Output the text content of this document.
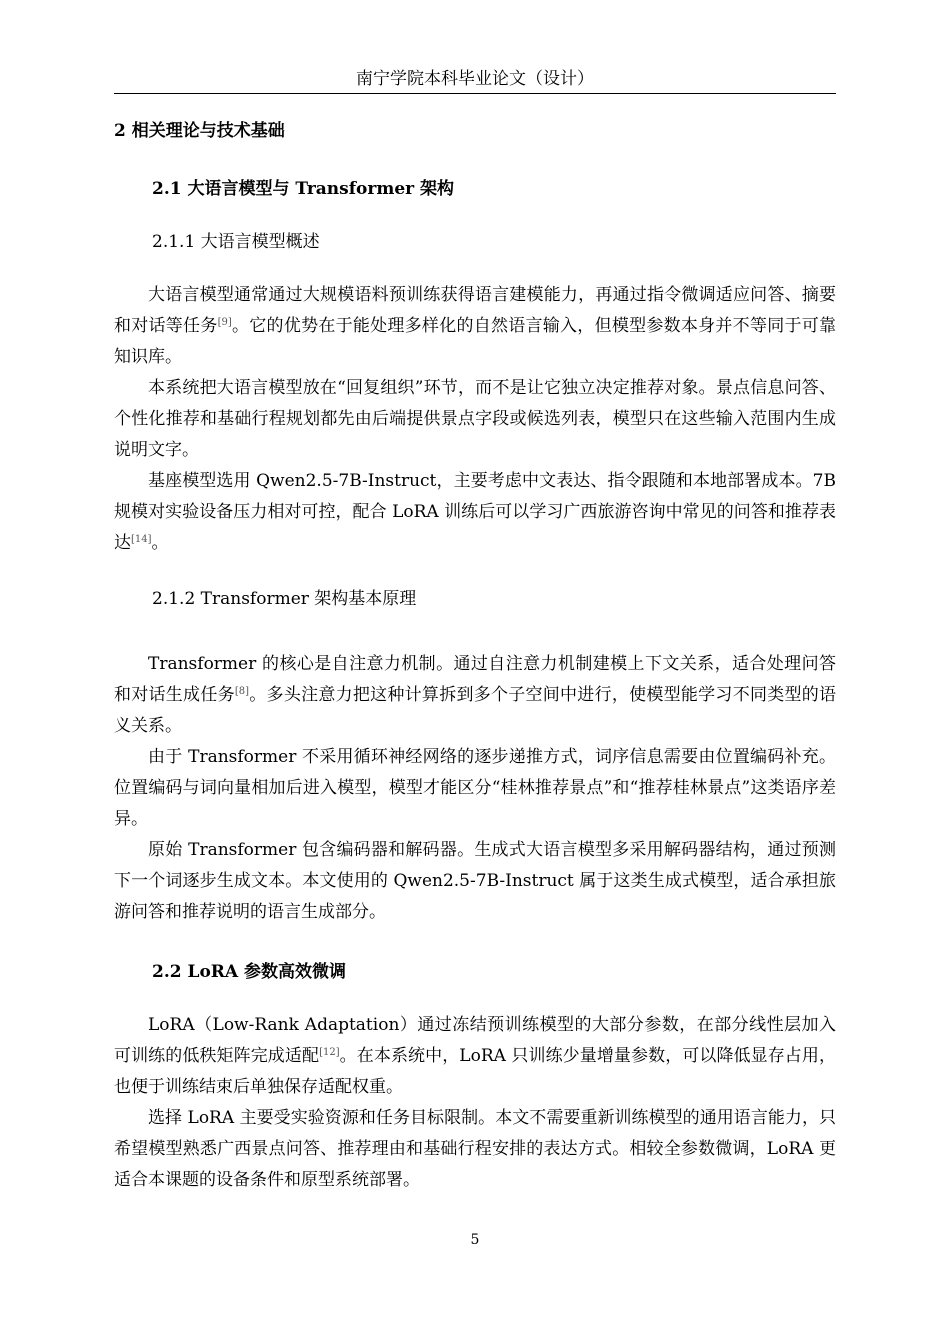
南宁学院本科毕业论文（设计）
2 相关理论与技术基础
2.1 大语言模型与 Transformer 架构
2.1.1 大语言模型概述

大语言模型通常通过大规模语料预训练获得语言建模能力，再通过指令微调适应问答、摘要和对话等任务[9]。它的优势在于能处理多样化的自然语言输入，但模型参数本身并不等同于可靠知识库。

本系统把大语言模型放在“回复组织”环节，而不是让它独立决定推荐对象。景点信息问答、个性化推荐和基础行程规划都先由后端提供景点字段或候选列表，模型只在这些输入范围内生成说明文字。

基座模型选用 Qwen2.5-7B-Instruct，主要考虑中文表达、指令跟随和本地部署成本。7B 规模对实验设备压力相对可控，配合 LoRA 训练后可以学习广西旅游咨询中常见的问答和推荐表达[14]。

2.1.2 Transformer 架构基本原理

Transformer 的核心是自注意力机制。通过自注意力机制建模上下文关系，适合处理问答和对话生成任务[8]。多头注意力把这种计算拆到多个子空间中进行，使模型能学习不同类型的语义关系。

由于 Transformer 不采用循环神经网络的逐步递推方式，词序信息需要由位置编码补充。位置编码与词向量相加后进入模型，模型才能区分“桂林推荐景点”和“推荐桂林景点”这类语序差异。

原始 Transformer 包含编码器和解码器。生成式大语言模型多采用解码器结构，通过预测下一个词逐步生成文本。本文使用的 Qwen2.5-7B-Instruct 属于这类生成式模型，适合承担旅游问答和推荐说明的语言生成部分。

2.2 LoRA 参数高效微调

LoRA（Low-Rank Adaptation）通过冻结预训练模型的大部分参数，在部分线性层加入可训练的低秩矩阵完成适配[12]。在本系统中，LoRA 只训练少量增量参数，可以降低显存占用，也便于训练结束后单独保存适配权重。

选择 LoRA 主要受实验资源和任务目标限制。本文不需要重新训练模型的通用语言能力，只希望模型熟悉广西景点问答、推荐理由和基础行程安排的表达方式。相较全参数微调，LoRA 更适合本课题的设备条件和原型系统部署。

5
